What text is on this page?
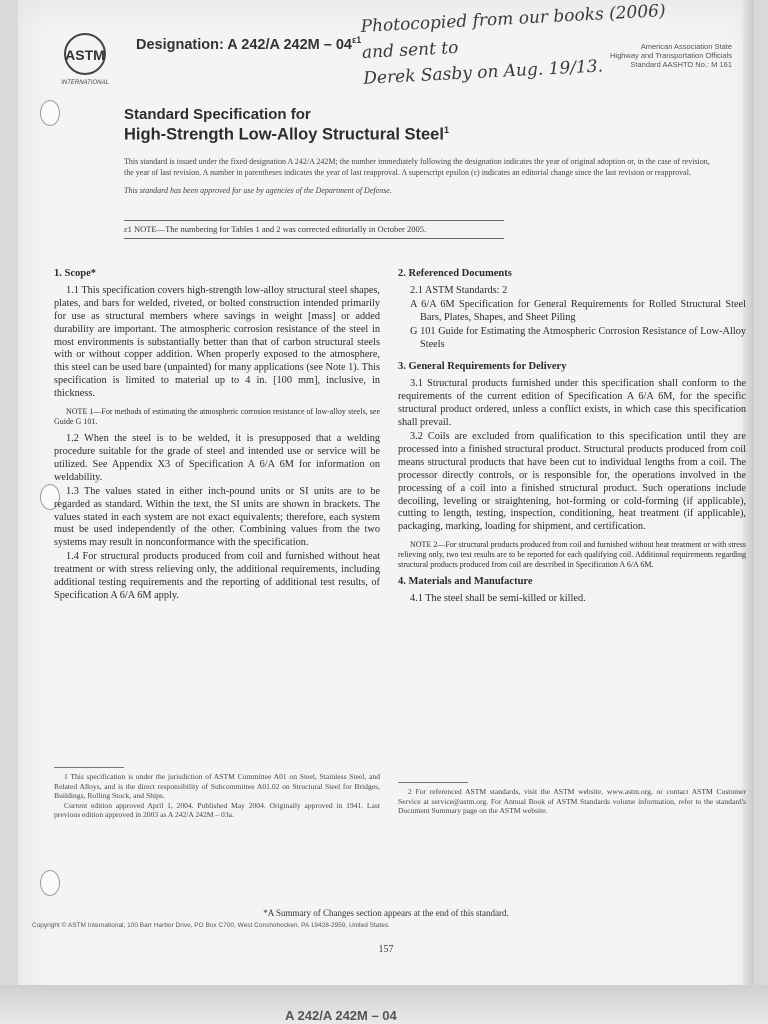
ASTM
INTERNATIONAL
Designation: A 242/A $242M - 04^{\varepsilon 1}$
Photocopied from our books (2006)
and sent to
Derek Sasby on Aug. 19/13.
American Association State
Highway and Transportation Officials
Standard AASHTO No.: M 161
Standard Specification for
High-Strength Low-Alloy Structural Steel$^1$

This standard is issued under the fixed designation A 242/A 242M; the number immediately following the designation indicates the year of original adoption or, in the case of revision, the year of last revision. A number in parentheses indicates the year of last reapproval. A superscript epsilon (ε) indicates an editorial change since the last revision or reapproval.

This standard has been approved for use by agencies of the Department of Defense.

ε1 NOTE—The numbering for Tables 1 and 2 was corrected editorially in October 2005.
1. Scope*

1.1 This specification covers high-strength low-alloy structural steel shapes, plates, and bars for welded, riveted, or bolted construction intended primarily for use as structural members where savings in weight [mass] or added durability are important. The atmospheric corrosion resistance of the steel in most environments is substantially better than that of carbon structural steels with or without copper addition. When properly exposed to the atmosphere, this steel can be used bare (unpainted) for many applications (see Note 1). This specification is limited to material up to 4 in. [100 mm], inclusive, in thickness.

NOTE 1—For methods of estimating the atmospheric corrosion resistance of low-alloy steels, see Guide G 101.

1.2 When the steel is to be welded, it is presupposed that a welding procedure suitable for the grade of steel and intended use or service will be utilized. See Appendix X3 of Specification A 6/A 6M for information on weldability.

1.3 The values stated in either inch-pound units or SI units are to be regarded as standard. Within the text, the SI units are shown in brackets. The values stated in each system are not exact equivalents; therefore, each system must be used independently of the other. Combining values from the two systems may result in nonconformance with the specification.

1.4 For structural products produced from coil and furnished without heat treatment or with stress relieving only, the additional requirements, including additional testing requirements and the reporting of additional test results, of Specification A 6/A 6M apply.

2. Referenced Documents

2.1 ASTM Standards: 2

A 6/A 6M Specification for General Requirements for Rolled Structural Steel Bars, Plates, Shapes, and Sheet Piling

G 101 Guide for Estimating the Atmospheric Corrosion Resistance of Low-Alloy Steels

3. General Requirements for Delivery

3.1 Structural products furnished under this specification shall conform to the requirements of the current edition of Specification A 6/A 6M, for the specific structural product ordered, unless a conflict exists, in which case this specification shall prevail.

3.2 Coils are excluded from qualification to this specification until they are processed into a finished structural product. Structural products produced from coil means structural products that have been cut to individual lengths from a coil. The processor directly controls, or is responsible for, the operations involved in the processing of a coil into a finished structural product. Such operations include decoiling, leveling or straightening, hot-forming or cold-forming (if applicable), cutting to length, testing, inspection, conditioning, heat treatment (if applicable), packaging, marking, loading for shipment, and certification.

NOTE 2—For structural products produced from coil and furnished without heat treatment or with stress relieving only, two test results are to be reported for each qualifying coil. Additional requirements regarding structural products produced from coil are described in Specification A 6/A 6M.

4. Materials and Manufacture

4.1 The steel shall be semi-killed or killed.

1 This specification is under the jurisdiction of ASTM Committee A01 on Steel, Stainless Steel, and Related Alloys, and is the direct responsibility of Subcommittee A01.02 on Structural Steel for Bridges, Buildings, Rolling Stock, and Ships.

Current edition approved April 1, 2004. Published May 2004. Originally approved in 1941. Last previous edition approved in 2003 as A 242/A 242M – 03a.

2 For referenced ASTM standards, visit the ASTM website, www.astm.org, or contact ASTM Customer Service at service@astm.org. For Annual Book of ASTM Standards volume information, refer to the standard's Document Summary page on the ASTM website.

*A Summary of Changes section appears at the end of this standard.
Copyright © ASTM International, 100 Barr Harbor Drive, PO Box C700, West Conshohocken, PA 19428-2959, United States.
157
A 242/A 242M – 04
